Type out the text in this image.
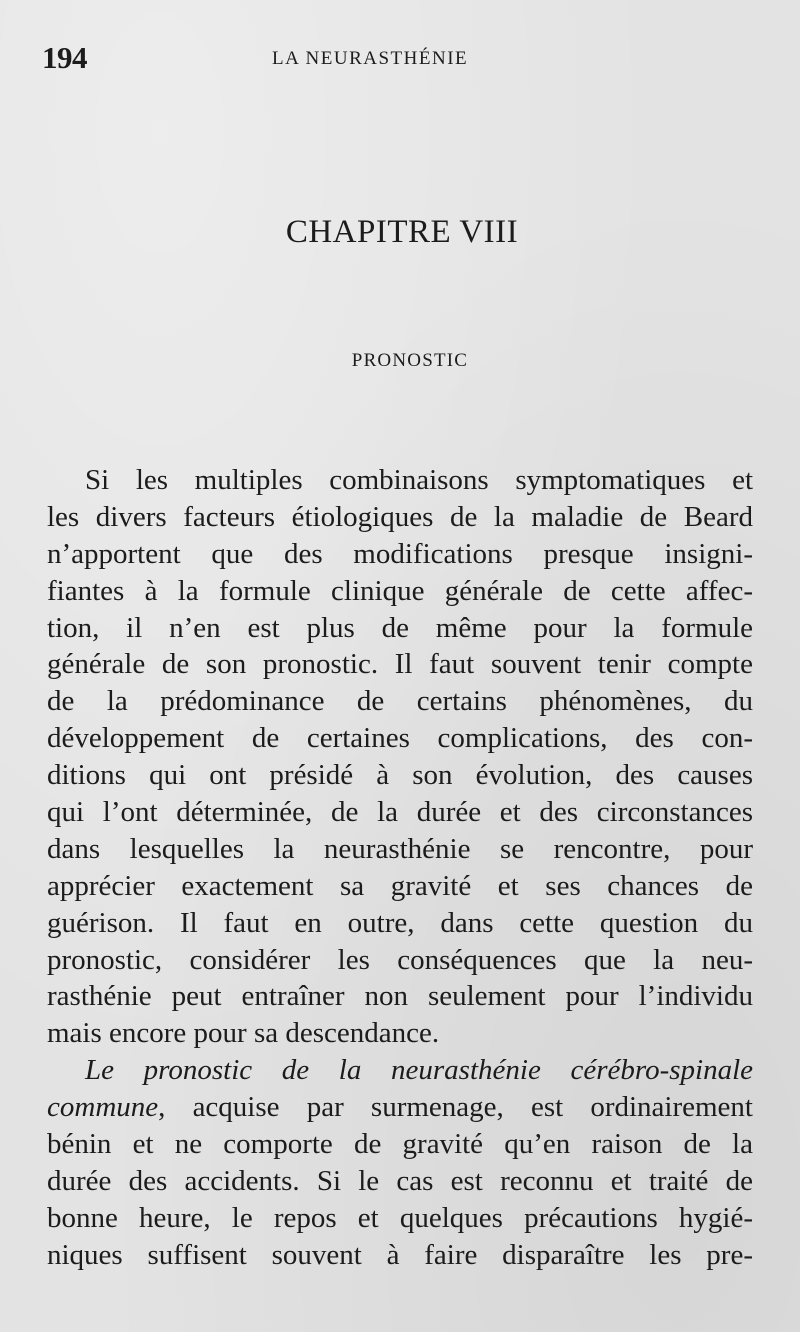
194	LA NEURASTHÉNIE
CHAPITRE VIII
PRONOSTIC
Si les multiples combinaisons symptomatiques et
les divers facteurs étiologiques de la maladie de Beard
n’apportent que des modifications presque insigni-
fiantes à la formule clinique générale de cette affec-
tion, il n’en est plus de même pour la formule
générale de son pronostic. Il faut souvent tenir compte
de la prédominance de certains phénomènes, du
développement de certaines complications, des con-
ditions qui ont présidé à son évolution, des causes
qui l’ont déterminée, de la durée et des circonstances
dans lesquelles la neurasthénie se rencontre, pour
apprécier exactement sa gravité et ses chances de
guérison. Il faut en outre, dans cette question du
pronostic, considérer les conséquences que la neu-
rasthénie peut entraîner non seulement pour l’individu
mais encore pour sa descendance.
Le pronostic de la neurasthénie cérébro-spinale
commune, acquise par surmenage, est ordinairement
bénin et ne comporte de gravité qu’en raison de la
durée des accidents. Si le cas est reconnu et traité de
bonne heure, le repos et quelques précautions hygié-
niques suffisent souvent à faire disparaître les pre-
